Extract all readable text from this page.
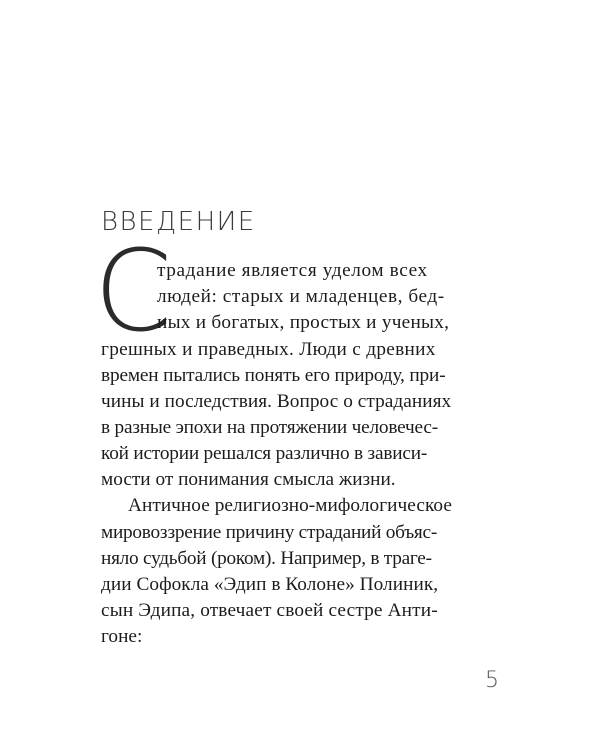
ВВЕДЕНИЕ
С
традание является уделом всех
людей: старых и младенцев, бед-
ных и богатых, простых и ученых,
грешных и праведных. Люди с древних
времен пытались понять его природу, при-
чины и последствия. Вопрос о страданиях
в разные эпохи на протяжении человечес-
кой истории решался различно в зависи-
мости от понимания смысла жизни.
Античное религиозно-мифологическое
мировоззрение причину страданий объяс-
няло судьбой (роком). Например, в траге-
дии Софокла «Эдип в Колоне» Полиник,
сын Эдипа, отвечает своей сестре Анти-
гоне:
5
